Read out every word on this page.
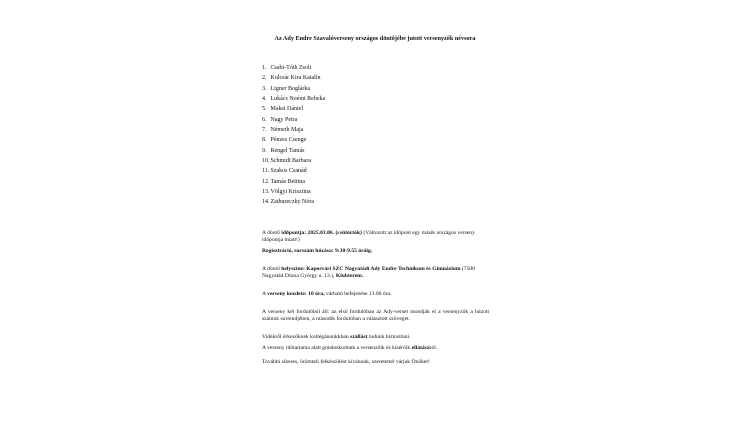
Az Ady Endre Szavalóverseny országos döntőjébe jutott versenyzők névsora
1. Csabi-Tóth Zsolt
2. Kulcsár Kira Katalin
3. Ligner Boglárka
4. Lukács Noémi Rebeka
5. Maksi Dániel
6. Nagy Petra
7. Németh Maja
8. Pénzes Csenge
9. Rengel Tamás
10.Schmidt Barbara
11.Szakos Csanád
12.Tamás Bettina
13.Völgyi Krisztina
14.Zathureczky Nóra

A döntő időpontja: 2025.03.06. (csütörtök) (Változott az időpont egy másik országos verseny időpontja miatt!)

Regisztráció, sorszám húzása: 9:30-9.55 óráig.

A döntő helyszíne: Kaposvári SZC Nagyatádi Ady Endre Technikum és Gimnázium (7500 Nagyatád Dózsa György u. 13.), Klubterem.

A verseny kezdete: 10 óra, várható befejezése 13.00 óra.

A verseny két fordulóból áll: az első fordulóban az Ady-verset mondják el a versenyzők a húzott számok sorrendjében, a második fordulóban a választott szöveget.

Vidékről érkezőknek kollégánunkkban szállást tudunk biztosítani.

A verseny időtartama alatt gondoskodunk a versenzőik és kísérőik ellátásáról.

További sikeres, örömteli felkészülést kívánunk, szeretettel várjuk Önöket!
